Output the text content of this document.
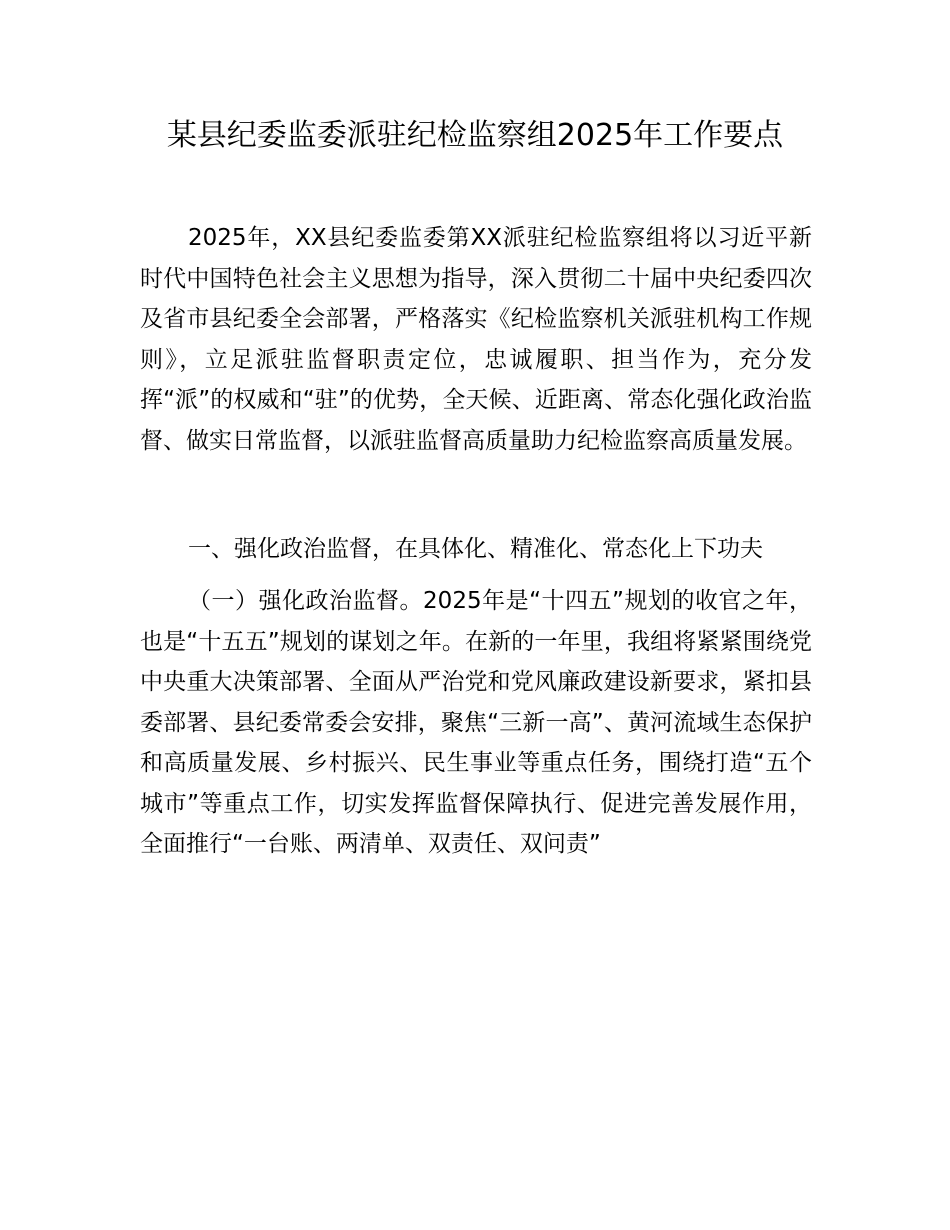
某县纪委监委派驻纪检监察组2025年工作要点

2025年，XX县纪委监委第XX派驻纪检监察组将以习近平新时代中国特色社会主义思想为指导，深入贯彻二十届中央纪委四次及省市县纪委全会部署，严格落实《纪检监察机关派驻机构工作规则》，立足派驻监督职责定位，忠诚履职、担当作为，充分发挥“派”的权威和“驻”的优势，全天候、近距离、常态化强化政治监督、做实日常监督，以派驻监督高质量助力纪检监察高质量发展。

一、强化政治监督，在具体化、精准化、常态化上下功夫

（一）强化政治监督。2025年是“十四五”规划的收官之年，也是“十五五”规划的谋划之年。在新的一年里，我组将紧紧围绕党中央重大决策部署、全面从严治党和党风廉政建设新要求，紧扣县委部署、县纪委常委会安排，聚焦“三新一高”、黄河流域生态保护和高质量发展、乡村振兴、民生事业等重点任务，围绕打造“五个城市”等重点工作，切实发挥监督保障执行、促进完善发展作用，全面推行“一台账、两清单、双责任、双问责”
